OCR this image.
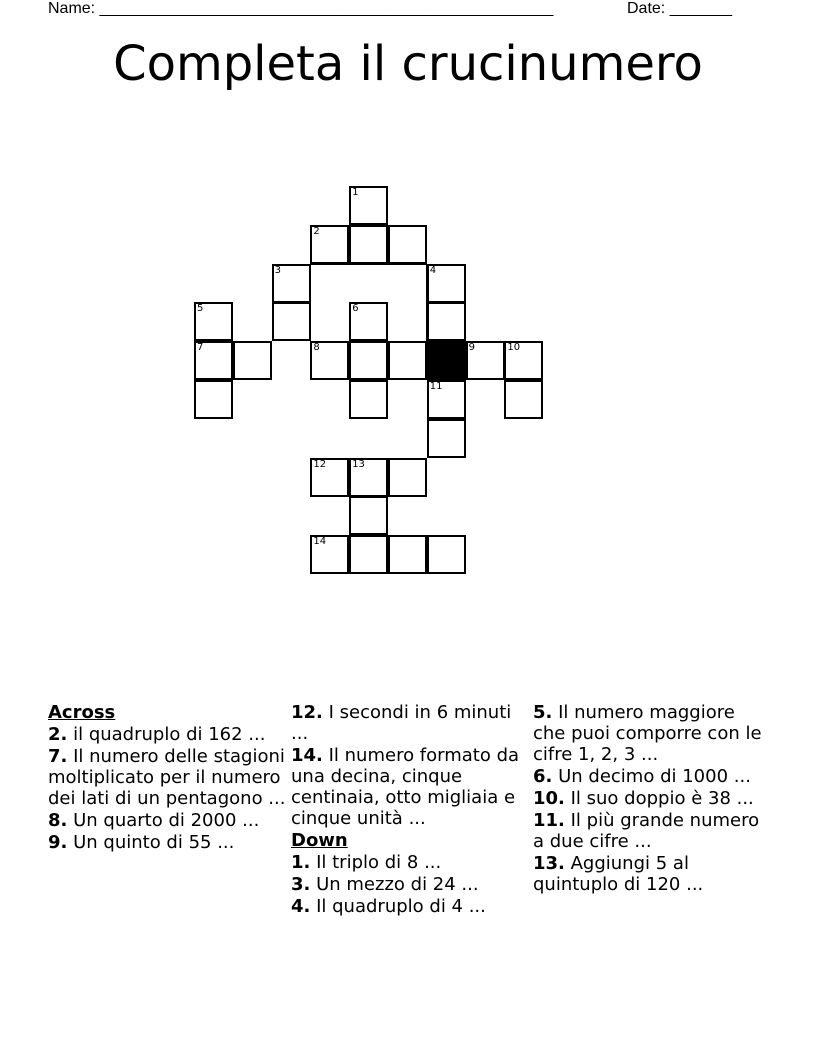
Name: ___________________________________________________	Date: _______
Completa il crucinumero
1
2
3	4
5	6
7	8	9	10
11
12	13
14
Across
2. il quadruplo di 162 ...
7. Il numero delle stagioni moltiplicato per il numero dei lati di un pentagono ...
8. Un quarto di 2000 ...
9. Un quinto di 55 ...
12. I secondi in 6 minuti ...
14. Il numero formato da una decina, cinque centinaia, otto migliaia e cinque unità ...
Down
1. Il triplo di 8 ...
3. Un mezzo di 24 ...
4. Il quadruplo di 4 ...
5. Il numero maggiore che puoi comporre con le cifre 1, 2, 3 ...
6. Un decimo di 1000 ...
10. Il suo doppio è 38 ...
11. Il più grande numero a due cifre ...
13. Aggiungi 5 al quintuplo di 120 ...
